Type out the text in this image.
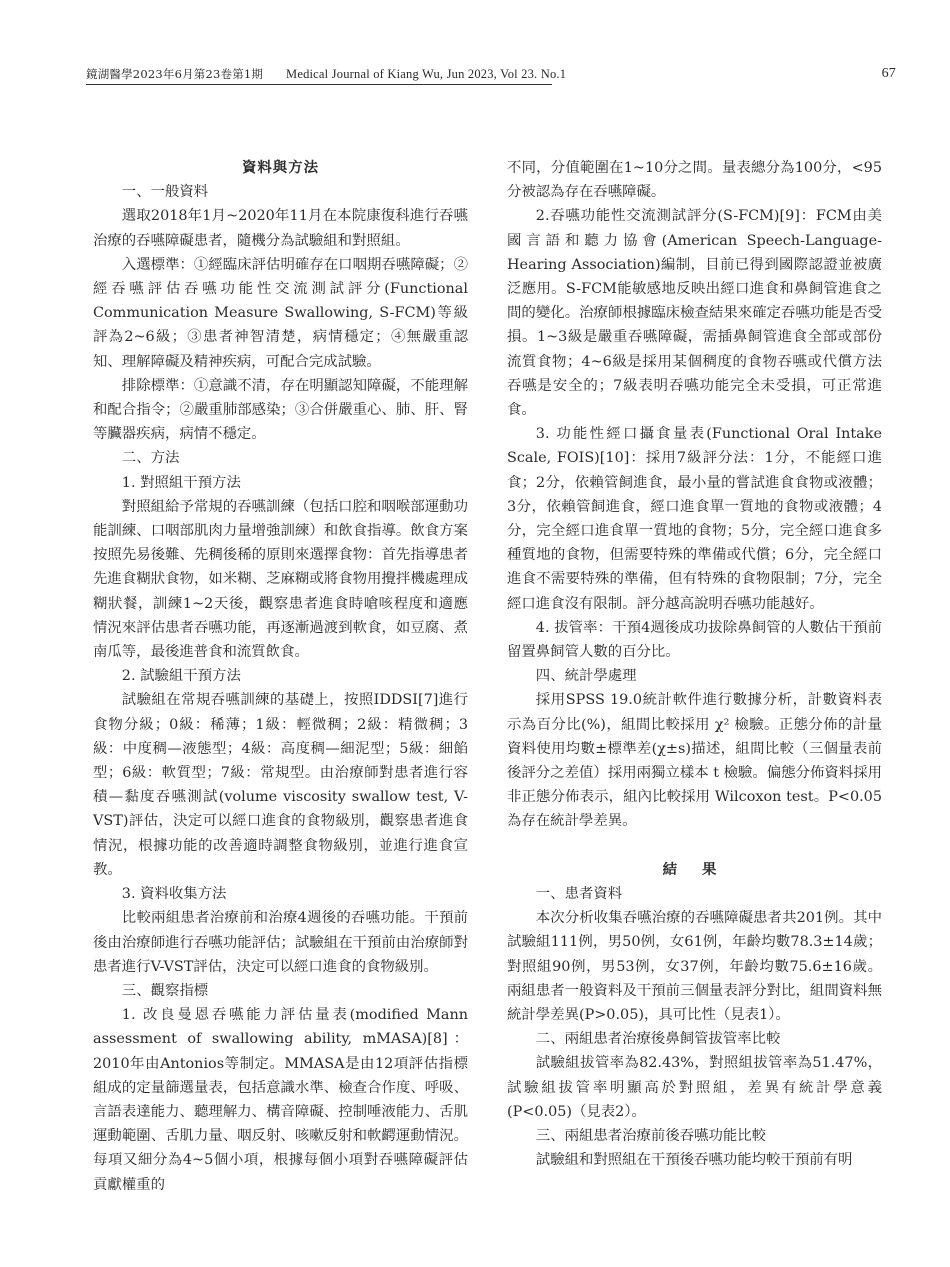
鏡湖醫學2023年6月第23卷第1期 Medical Journal of Kiang Wu, Jun 2023, Vol 23. No.1	67
資料與方法
一、一般資料

選取2018年1月~2020年11月在本院康復科進行吞嚥治療的吞嚥障礙患者，隨機分為試驗組和對照組。

入選標準：①經臨床評估明確存在口咽期吞嚥障礙；②經吞嚥評估吞嚥功能性交流測試評分(Functional Communication Measure Swallowing, S-FCM)等級評為2~6級；③患者神智清楚，病情穩定；④無嚴重認知、理解障礙及精神疾病，可配合完成試驗。

排除標準：①意識不清，存在明顯認知障礙，不能理解和配合指令；②嚴重肺部感染；③合併嚴重心、肺、肝、腎等臟器疾病，病情不穩定。

二、方法
1. 對照組干預方法

對照組給予常規的吞嚥訓練（包括口腔和咽喉部運動功能訓練、口咽部肌肉力量增強訓練）和飲食指導。飲食方案按照先易後難、先稠後稀的原則來選擇食物：首先指導患者先進食糊狀食物，如米糊、芝麻糊或將食物用攪拌機處理成糊狀餐，訓練1~2天後，觀察患者進食時嗆咳程度和適應情況來評估患者吞嚥功能，再逐漸過渡到軟食，如豆腐、煮南瓜等，最後進普食和流質飲食。

2. 試驗組干預方法

試驗組在常規吞嚥訓練的基礎上，按照IDDSI[7]進行食物分級；0級：稀薄；1級：輕微稠；2級：精微稠；3級：中度稠—液態型；4級：高度稠—細泥型；5級：細餡型；6級：軟質型；7級：常規型。由治療師對患者進行容積—黏度吞嚥測試(volume viscosity swallow test, V-VST)評估，決定可以經口進食的食物級別，觀察患者進食情況，根據功能的改善適時調整食物級別，並進行進食宣教。

3. 資料收集方法

比較兩組患者治療前和治療4週後的吞嚥功能。干預前後由治療師進行吞嚥功能評估；試驗組在干預前由治療師對患者進行V-VST評估，決定可以經口進食的食物級別。

三、觀察指標

1. 改良曼恩吞嚥能力評估量表(modified Mann assessment of swallowing ability, mMASA)[8]：2010年由Antonios等制定。MMASA是由12項評估指標組成的定量篩選量表，包括意識水準、檢查合作度、呼吸、言語表達能力、聽理解力、構音障礙、控制唾液能力、舌肌運動範圍、舌肌力量、咽反射、咳嗽反射和軟齶運動情況。每項又細分為4~5個小項，根據每個小項對吞嚥障礙評估貢獻權重的

不同，分值範圍在1~10分之間。量表總分為100分，<95分被認為存在吞嚥障礙。

2.吞嚥功能性交流測試評分(S-FCM)[9]：FCM由美國言語和聽力協會(American Speech-Language-Hearing Association)編制，目前已得到國際認證並被廣泛應用。S-FCM能敏感地反映出經口進食和鼻飼管進食之間的變化。治療師根據臨床檢查結果來確定吞嚥功能是否受損。1~3級是嚴重吞嚥障礙，需插鼻飼管進食全部或部份流質食物；4~6級是採用某個稠度的食物吞嚥或代償方法吞嚥是安全的；7級表明吞嚥功能完全未受損，可正常進食。

3. 功能性經口攝食量表(Functional Oral Intake Scale, FOIS)[10]：採用7級評分法：1分，不能經口進食；2分，依賴管飼進食，最小量的嘗試進食食物或液體；3分，依賴管飼進食，經口進食單一質地的食物或液體；4分，完全經口進食單一質地的食物；5分，完全經口進食多種質地的食物，但需要特殊的準備或代償；6分，完全經口進食不需要特殊的準備，但有特殊的食物限制；7分，完全經口進食沒有限制。評分越高說明吞嚥功能越好。

4. 拔管率：干預4週後成功拔除鼻飼管的人數佔干預前留置鼻飼管人數的百分比。

四、統計學處理

採用SPSS 19.0統計軟件進行數據分析，計數資料表示為百分比(%)，組間比較採用 χ² 檢驗。正態分佈的計量資料使用均數±標準差(χ±s)描述，組間比較（三個量表前後評分之差值）採用兩獨立樣本 t 檢驗。偏態分佈資料採用非正態分佈表示，組內比較採用 Wilcoxon test。P<0.05為存在統計學差異。

結 果
一、患者資料

本次分析收集吞嚥治療的吞嚥障礙患者共201例。其中試驗組111例，男50例，女61例，年齡均數78.3±14歲；對照組90例，男53例，女37例，年齡均數75.6±16歲。兩組患者一般資料及干預前三個量表評分對比，組間資料無統計學差異(P>0.05)，具可比性（見表1）。

二、兩組患者治療後鼻飼管拔管率比較

試驗組拔管率為82.43%，對照組拔管率為51.47%，試驗組拔管率明顯高於對照組，差異有統計學意義(P<0.05)（見表2）。

三、兩組患者治療前後吞嚥功能比較

試驗組和對照組在干預後吞嚥功能均較干預前有明
